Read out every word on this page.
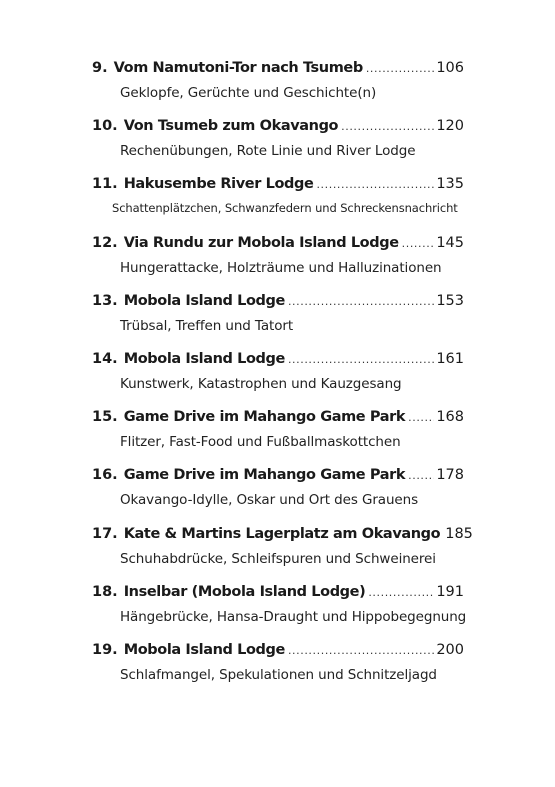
9. Vom Namutoni-Tor nach Tsumeb .....	106
Geklopfe, Gerüchte und Geschichte(n)
10. Von Tsumeb zum Okavango .....	120
Rechenübungen, Rote Linie und River Lodge
11. Hakusembe River Lodge .....	135
Schattenplätzchen, Schwanzfedern und Schreckensnachricht
12. Via Rundu zur Mobola Island Lodge .....	145
Hungerattacke, Holzträume und Halluzinationen
13. Mobola Island Lodge .....	153
Trübsal, Treffen und Tatort
14. Mobola Island Lodge .....	161
Kunstwerk, Katastrophen und Kauzgesang
15. Game Drive im Mahango Game Park ..... 168
Flitzer, Fast-Food und Fußballmaskottchen
16. Game Drive im Mahango Game Park ..... 178
Okavango-Idylle, Oskar und Ort des Grauens
17. Kate & Martins Lagerplatz am Okavango 185
Schuhabdrücke, Schleifspuren und Schweinerei
18. Inselbar (Mobola Island Lodge) .....	191
Hängebrücke, Hansa-Draught und Hippobegegnung
19. Mobola Island Lodge .....	200
Schlafmangel, Spekulationen und Schnitzeljagd
